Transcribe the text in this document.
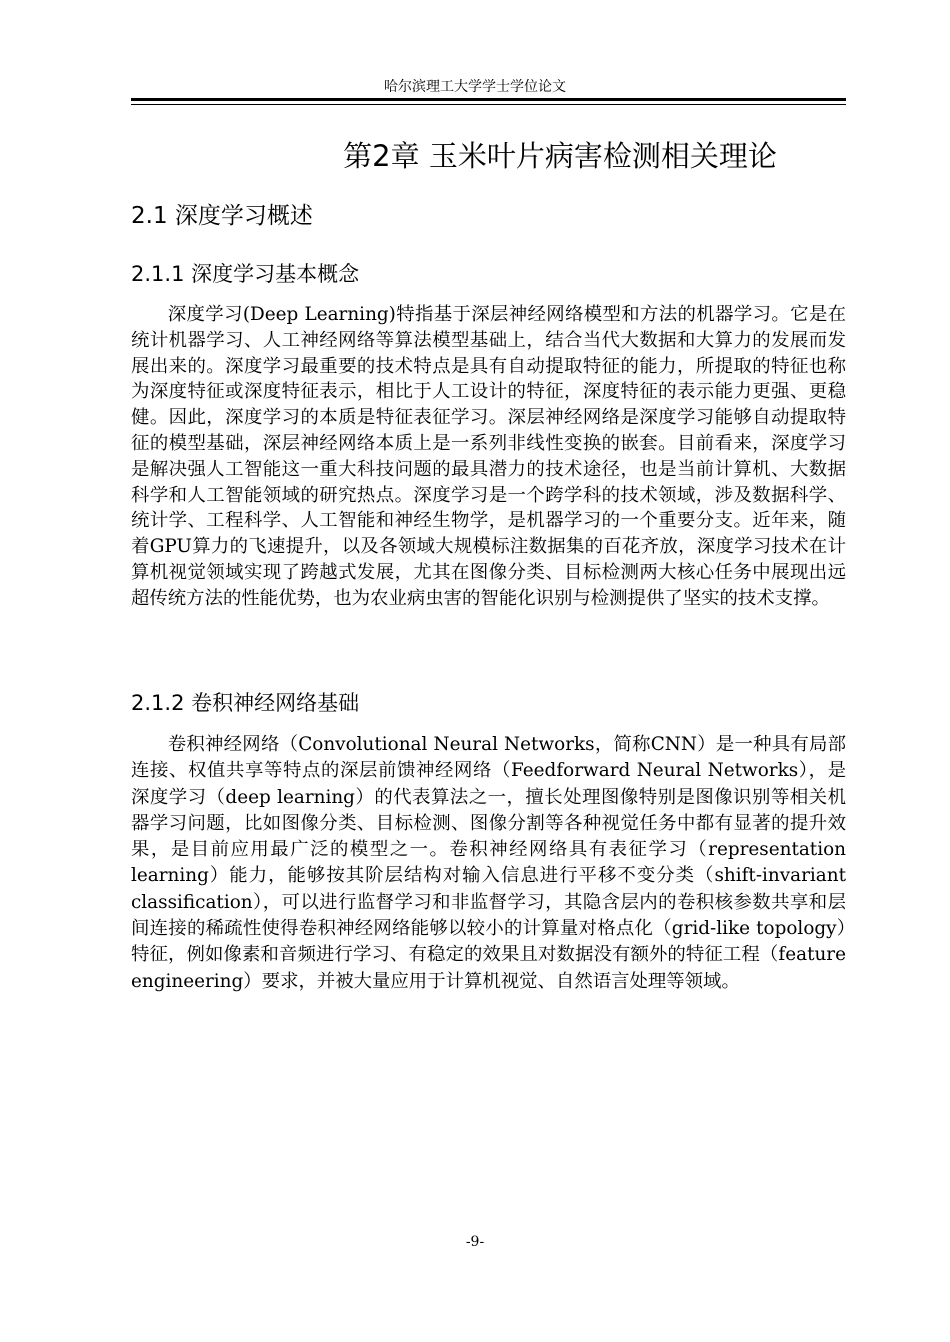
哈尔滨理工大学学士学位论文
第2章 玉米叶片病害检测相关理论
2.1 深度学习概述
2.1.1 深度学习基本概念

深度学习(Deep Learning)特指基于深层神经网络模型和方法的机器学习。它是在统计机器学习、人工神经网络等算法模型基础上，结合当代大数据和大算力的发展而发展出来的。深度学习最重要的技术特点是具有自动提取特征的能力，所提取的特征也称为深度特征或深度特征表示，相比于人工设计的特征，深度特征的表示能力更强、更稳健。因此，深度学习的本质是特征表征学习。深层神经网络是深度学习能够自动提取特征的模型基础，深层神经网络本质上是一系列非线性变换的嵌套。目前看来，深度学习是解决强人工智能这一重大科技问题的最具潜力的技术途径，也是当前计算机、大数据科学和人工智能领域的研究热点。深度学习是一个跨学科的技术领域，涉及数据科学、统计学、工程科学、人工智能和神经生物学，是机器学习的一个重要分支。近年来，随着GPU算力的飞速提升，以及各领域大规模标注数据集的百花齐放，深度学习技术在计算机视觉领域实现了跨越式发展，尤其在图像分类、目标检测两大核心任务中展现出远超传统方法的性能优势，也为农业病虫害的智能化识别与检测提供了坚实的技术支撑。

2.1.2 卷积神经网络基础

卷积神经网络（Convolutional Neural Networks，简称CNN）是一种具有局部连接、权值共享等特点的深层前馈神经网络（Feedforward Neural Networks），是深度学习（deep learning）的代表算法之一，擅长处理图像特别是图像识别等相关机器学习问题，比如图像分类、目标检测、图像分割等各种视觉任务中都有显著的提升效果，是目前应用最广泛的模型之一。卷积神经网络具有表征学习（representation learning）能力，能够按其阶层结构对输入信息进行平移不变分类（shift-invariant classification），可以进行监督学习和非监督学习，其隐含层内的卷积核参数共享和层间连接的稀疏性使得卷积神经网络能够以较小的计算量对格点化（grid-like topology）特征，例如像素和音频进行学习、有稳定的效果且对数据没有额外的特征工程（feature engineering）要求，并被大量应用于计算机视觉、自然语言处理等领域。

-9-
